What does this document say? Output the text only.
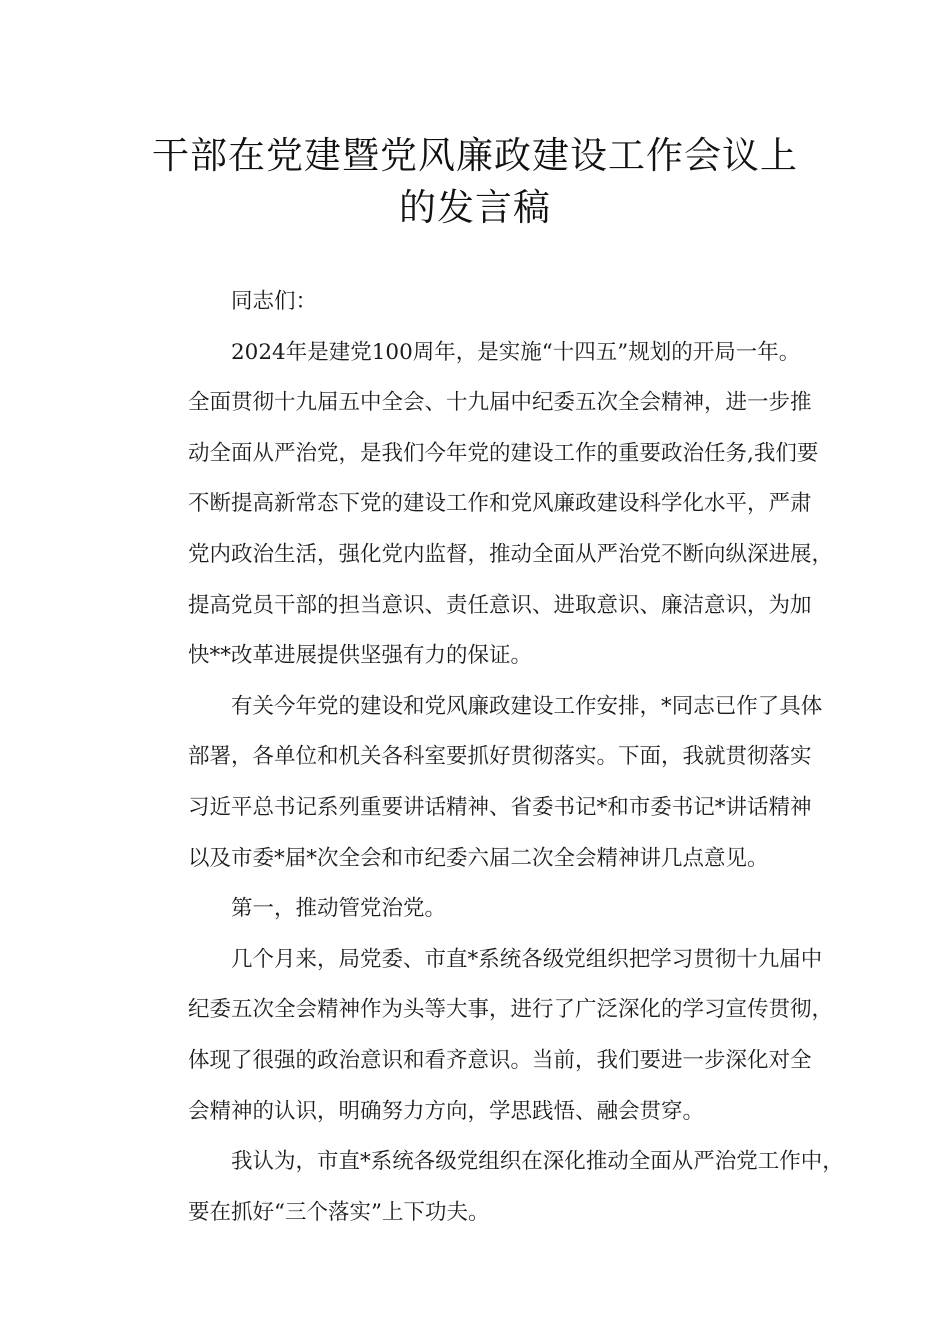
干部在党建暨党风廉政建设工作会议上
的发言稿
同志们：
2024年是建党100周年，是实施“十四五”规划的开局一年。
全面贯彻十九届五中全会、十九届中纪委五次全会精神，进一步推
动全面从严治党，是我们今年党的建设工作的重要政治任务,我们要
不断提高新常态下党的建设工作和党风廉政建设科学化水平，严肃
党内政治生活，强化党内监督，推动全面从严治党不断向纵深进展，
提高党员干部的担当意识、责任意识、进取意识、廉洁意识，为加
快**改革进展提供坚强有力的保证。
有关今年党的建设和党风廉政建设工作安排，*同志已作了具体
部署，各单位和机关各科室要抓好贯彻落实。下面，我就贯彻落实
习近平总书记系列重要讲话精神、省委书记*和市委书记*讲话精神
以及市委*届*次全会和市纪委六届二次全会精神讲几点意见。
第一，推动管党治党。
几个月来，局党委、市直*系统各级党组织把学习贯彻十九届中
纪委五次全会精神作为头等大事，进行了广泛深化的学习宣传贯彻，
体现了很强的政治意识和看齐意识。当前，我们要进一步深化对全
会精神的认识，明确努力方向，学思践悟、融会贯穿。
我认为，市直*系统各级党组织在深化推动全面从严治党工作中，
要在抓好“三个落实”上下功夫。
